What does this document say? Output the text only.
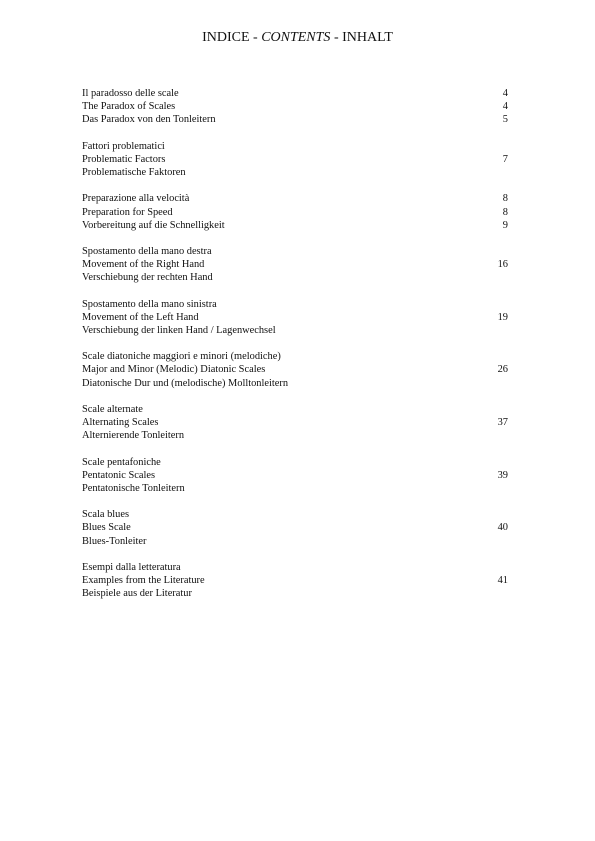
INDICE - CONTENTS - INHALT
Il paradosso delle scale	4
The Paradox of Scales	4
Das Paradox von den Tonleitern	5
Fattori problematici
Problematic Factors	7
Problematische Faktoren
Preparazione alla velocità	8
Preparation for Speed	8
Vorbereitung auf die Schnelligkeit	9
Spostamento della mano destra
Movement of the Right Hand	16
Verschiebung der rechten Hand
Spostamento della mano sinistra
Movement of the Left Hand	19
Verschiebung der linken Hand / Lagenwechsel
Scale diatoniche maggiori e minori (melodiche)
Major and Minor (Melodic) Diatonic Scales	26
Diatonische Dur und (melodische) Molltonleitern
Scale alternate
Alternating Scales	37
Alternierende Tonleitern
Scale pentafoniche
Pentatonic Scales	39
Pentatonische Tonleitern
Scala blues
Blues Scale	40
Blues-Tonleiter
Esempi dalla letteratura
Examples from the Literature	41
Beispiele aus der Literatur
